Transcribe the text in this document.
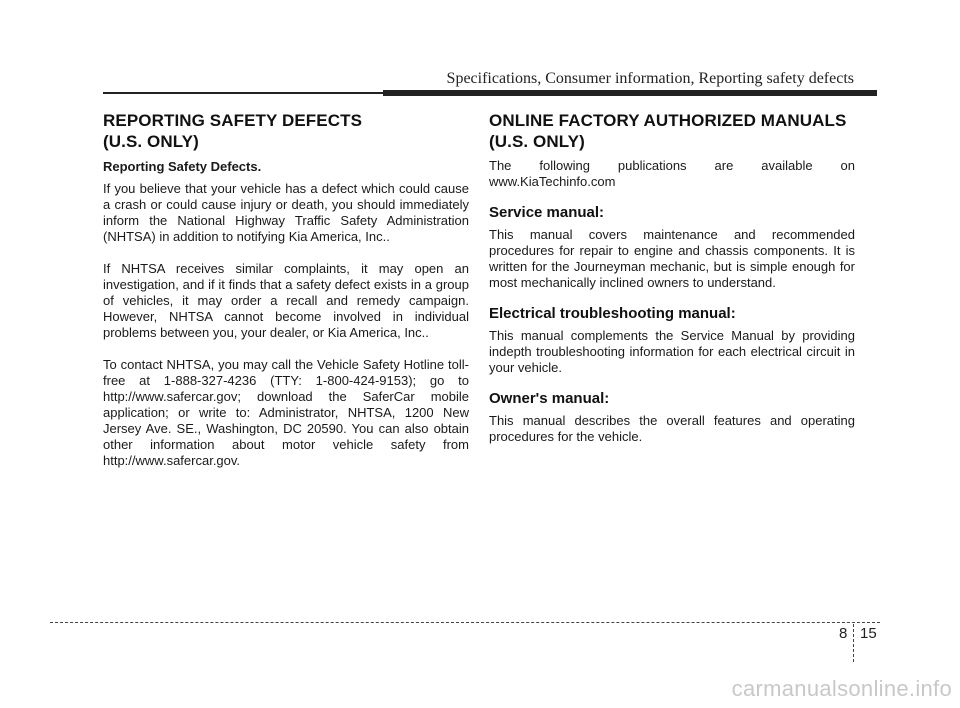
Specifications, Consumer information, Reporting safety defects
REPORTING SAFETY DEFECTS
(U.S. ONLY)

Reporting Safety Defects.

If you believe that your vehicle has a defect which could cause a crash or could cause injury or death, you should immediately inform the National Highway Traffic Safety Administration (NHTSA) in addition to notifying Kia America, Inc..

If NHTSA receives similar complaints, it may open an investigation, and if it finds that a safety defect exists in a group of vehicles, it may order a recall and remedy campaign. However, NHTSA cannot become involved in individual problems between you, your dealer, or Kia America, Inc..

To contact NHTSA, you may call the Vehicle Safety Hotline toll-free at 1-888-327-4236 (TTY: 1-800-424-9153); go to http://www.safercar.gov; download the SaferCar mobile application; or write to: Administrator, NHTSA, 1200 New Jersey Ave. SE., Washington, DC 20590. You can also obtain other information about motor vehicle safety from http://www.safercar.gov.

ONLINE FACTORY AUTHORIZED MANUALS
(U.S. ONLY)

The following publications are available on www.KiaTechinfo.com

Service manual:

This manual covers maintenance and recommended procedures for repair to engine and chassis components. It is written for the Journeyman mechanic, but is simple enough for most mechanically inclined owners to understand.

Electrical troubleshooting manual:

This manual complements the Service Manual by providing indepth troubleshooting information for each electrical circuit in your vehicle.

Owner's manual:

This manual describes the overall features and operating procedures for the vehicle.

8 15
carmanualsonline.info
